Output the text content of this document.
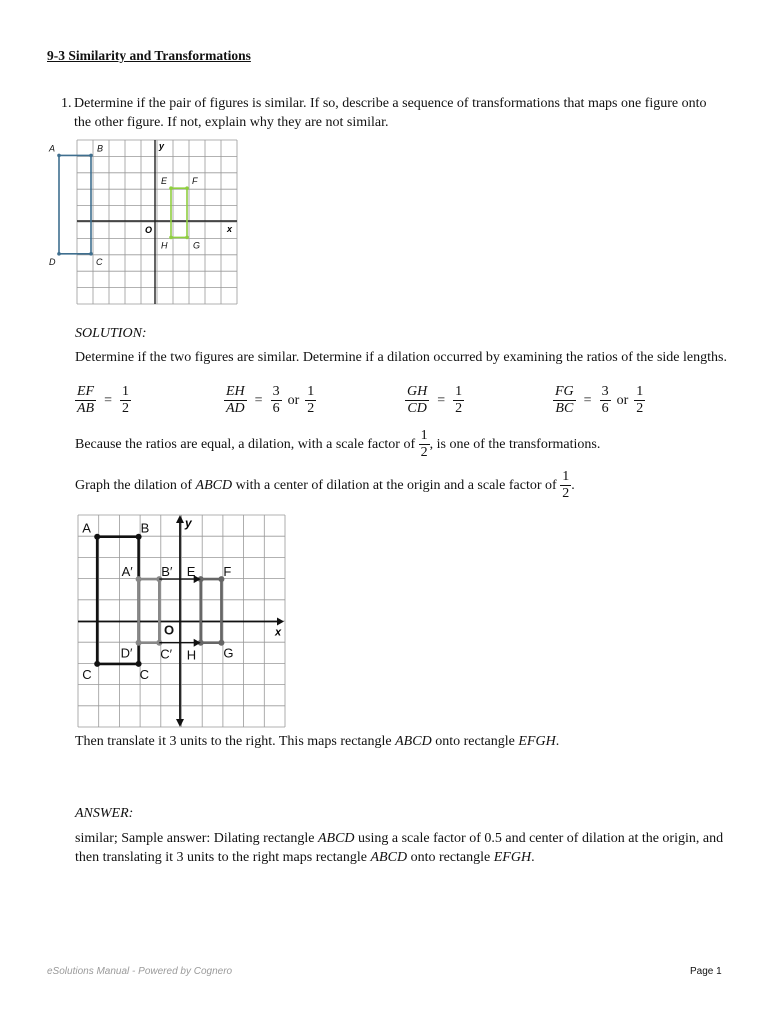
9-3 Similarity and Transformations
1. Determine if the pair of figures is similar. If so, describe a sequence of transformations that maps one figure onto the other figure. If not, explain why they are not similar.
A	B
C
D
E	F
G
H
O	x
y
SOLUTION:
Determine if the two figures are similar. Determine if a dilation occurred by examining the ratios of the side lengths.
$\frac{EF}{AB} = \frac{1}{2}$	$\frac{EH}{AD} = \frac{3}{6}$ or $\frac{1}{2}$	$\frac{GH}{CD} = \frac{1}{2}$	$\frac{FG}{BC} = \frac{3}{6}$ or $\frac{1}{2}$
Because the ratios are equal, a dilation, with a scale factor of
$\frac{1}{2}$ , is one of the transformations.
Graph the dilation of
ABCD
with a center of dilation at the origin and a scale factor of
$\frac{1}{2}$ .
A	B
C	C
A′ B′
D′ C′
E F
H G
O	x
y
Then translate it 3 units to the right. This maps rectangle ABCD onto rectangle EFGH.
ANSWER:
similar; Sample answer: Dilating rectangle ABCD using a scale factor of 0.5 and center of dilation at the origin, and
then translating it 3 units to the right maps rectangle ABCD onto rectangle EFGH.
eSolutions Manual - Powered by Cognero	Page 1
